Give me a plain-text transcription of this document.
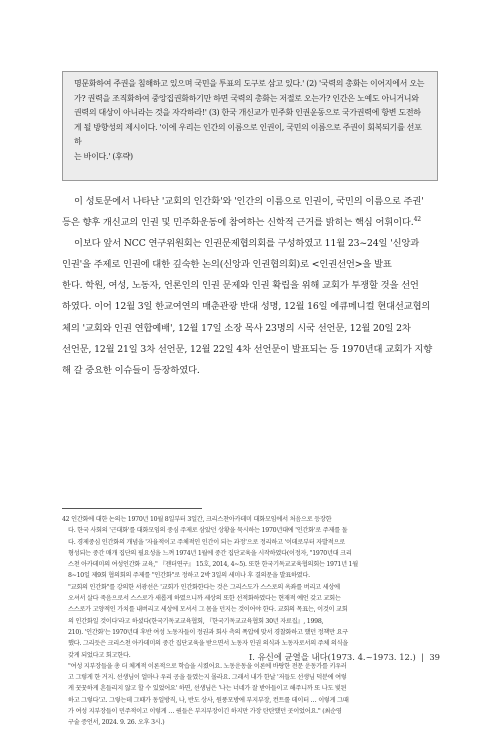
명문화하여 주권을 침해하고 있으며 국민을 투표의 도구로 삼고 있다.' (2) '국력의 총화는 이어지에서 오는

가? 권력을 조직화하여 중앙집권화하기만 하면 국력의 총화는 저절로 오는가? 인간은 노예도 아니거니와

권력의 대상이 아니라는 것을 자각하라!' (3) 한국 개신교가 민주화 인권운동으로 국가권력에 항변 도전하

게 될 방향성의 제시이다. '이에 우리는 인간의 이름으로 인권이, 국민의 이름으로 주권이 회복되기를 선포하

는 바이다.' (후략)

이 성토문에서 나타난 '교회의 인간화'와 '인간의 이름으로 인권이, 국민의 이름으로 주권'

등은 향후 개신교의 인권 및 민주화운동에 참여하는 신학적 근거를 밝히는 핵심 어휘이다.$^{42}$

이보다 앞서 NCC 연구위원회는 인권문제협의회를 구성하였고 11월 23~24일 '신앙과

인권'을 주제로 인권에 대한 깊숙한 논의(신앙과 인권협의회)로 <인권선언>을 발표

한다. 학원, 여성, 노동자, 언론인의 인권 문제와 인권 확립을 위해 교회가 투쟁할 것을 선언

하였다. 이어 12월 3일 한교여연의 매춘관광 반대 성명, 12월 16일 에큐메니컬 현대선교협의

체의 '교회와 인권 연합예배', 12월 17일 소장 목사 23명의 시국 선언문, 12월 20일 2차

선언문, 12월 21일 3차 선언문, 12월 22일 4차 선언문이 발표되는 등 1970년대 교회가 지향

해 갈 중요한 이슈들이 등장하였다.

42 인간화에 대한 논의는 1970년 10월 8일부터 3일간, 크리스찬아카데미 대화모임에서 처음으로 등장한

다. 한국 사회의 '근대화'를 대화모임의 중심 주제로 삼았던 상황을 묵시하는 1970년대에 '인간화'로 주제를 돌

다. 경제중심 인간화의 개념을 '자율적이고 주체적인 인간이 되는 과정'으로 정리하고 '이데로부터 자발적으로

형성되는 중간 매개 집단의 필요성을 느껴 1974년 1월에 중간 집단교육을 시작하였다(이정자, "1970년대 크리

스천 아카데미의 여성인간화 교육," 『젠더연구』 15호, 2014, 4~5). 또한 한국기독교교육협의회는 1971년 1월

8~10일 제9회 협의회의 주제를 "인간화"로 정하고 2박 3일의 세미나 후 결의문을 발표하였다.

"교회의 인간화"를 강의한 서광선은 '교회가 인간화한다는 것은 그리스도가 스스로의 옥좌를 버리고 세상에

오셔서 살다 죽음으로서 스스로가 새롭게 하였으니까 세상의 또한 선적화하였다는 현재적 예언 갖고 교회는

스스로가 고양적인 가치를 내버리고 세상에 모셔서 그 몸을 던지는 것이어야 한다. 교회의 목표는, 이것이 교회

의 인간화일 것이다'라고 하셨다(한국기독교교육협회, 『한국기독교교육협회 30년 자료집』, 1998,

210). '인간화'는 1970년대 후반 여성 노동자들이 정권과 회사 측의 폭압에 맞서 경찰화하고 했던 정책만 요구

했다. 그리듯은 크리스천 아카데미의 중간 집단교육을 받으면서 노동자 인권 의식과 노동자로서의 주체 의식을

갖게 되었다고 회고한다.

"여성 지부장들을 총 더 체계적 이론적으로 학습을 시켰어요. 노동운동을 이론에 바탕한 전문 운동가를 키우러

고 그렇게 한 거지. 선생님이 얼마나 우리 공을 들였는지 몰라요. 그래서 내가 한날 '저들도 선생님 덕분에 여렇

게 꿋꿋하게 흔들리지 않고 할 수 있었어요' 하면, 선생님은 '나는 너네가 잘 받아들이고 해주니까 또 나도 빛된

하고 그렇다'고. 그렇는데 그때가 동일방직, 나, 반도 상사, 원풍모방에 부지부장, 컨트롤 데이터 … 이렇게 그때

가 여성 지부장들이 민주적이고 이렇게 … 퀀들은 부지부장이긴 하지만 가장 탄탄했던 곳이었어요." (최순영

구술 증언서, 2024. 9. 26. 오후 3시.)

I. 유신에 균열을 내다(1973. 4.~1973. 12.)  |  39
